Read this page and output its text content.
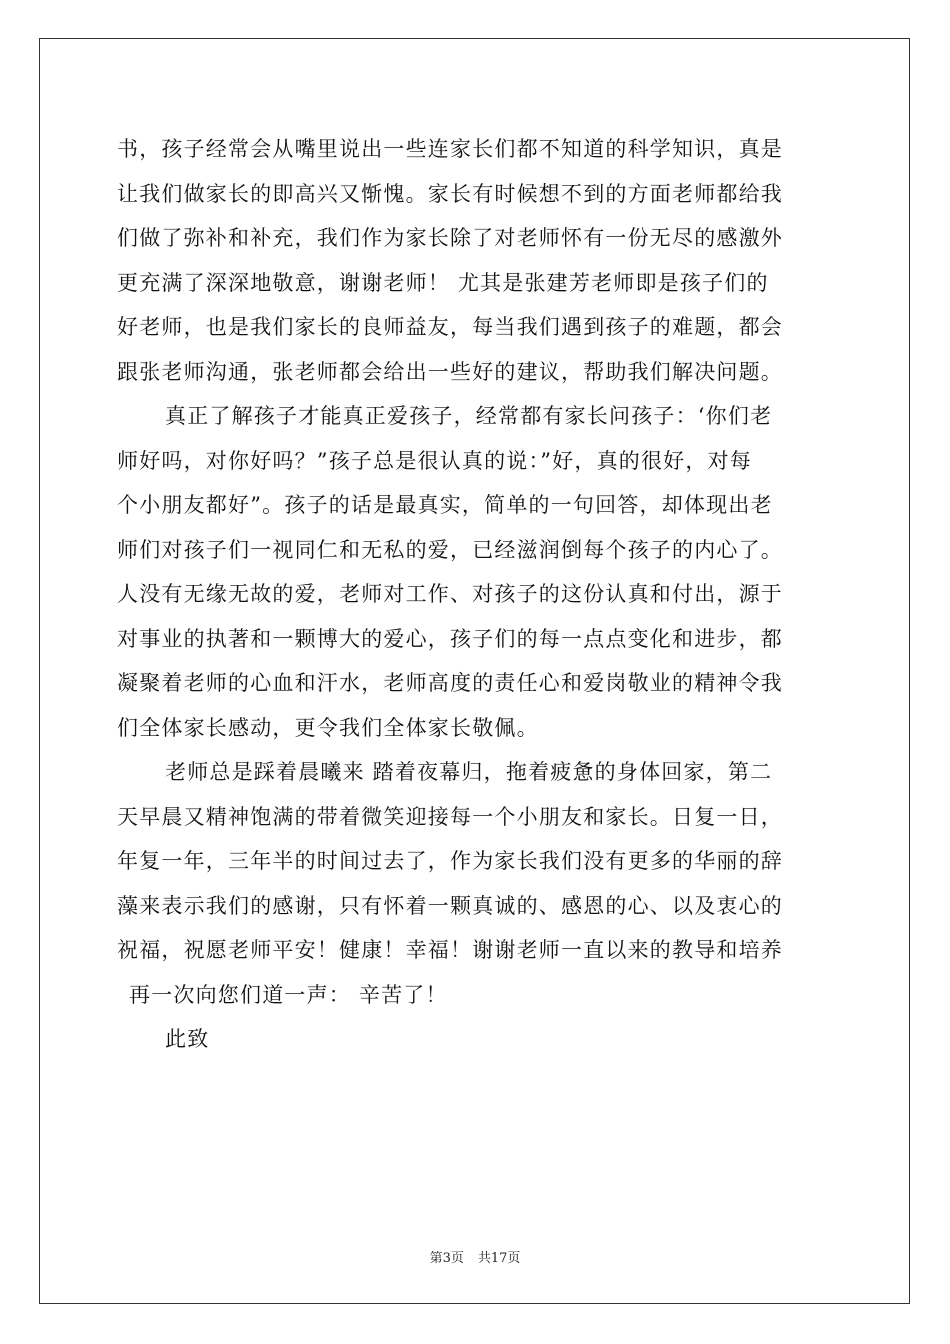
书，孩子经常会从嘴里说出一些连家长们都不知道的科学知识，真是
让我们做家长的即高兴又惭愧。家长有时候想不到的方面老师都给我
们做了弥补和补充，我们作为家长除了对老师怀有一份无尽的感激外
更充满了深深地敬意，谢谢老师！ 尤其是张建芳老师即是孩子们的
好老师，也是我们家长的良师益友，每当我们遇到孩子的难题，都会
跟张老师沟通，张老师都会给出一些好的建议，帮助我们解决问题。
真正了解孩子才能真正爱孩子，经常都有家长问孩子：‘你们老
师好吗，对你好吗？”孩子总是很认真的说：”好，真的很好，对每
个小朋友都好”。孩子的话是最真实，简单的一句回答，却体现出老
师们对孩子们一视同仁和无私的爱，已经滋润倒每个孩子的内心了。
人没有无缘无故的爱，老师对工作、对孩子的这份认真和付出，源于
对事业的执著和一颗博大的爱心，孩子们的每一点点变化和进步，都
凝聚着老师的心血和汗水，老师高度的责任心和爱岗敬业的精神令我
们全体家长感动，更令我们全体家长敬佩。
老师总是踩着晨曦来 踏着夜幕归，拖着疲惫的身体回家，第二
天早晨又精神饱满的带着微笑迎接每一个小朋友和家长。日复一日，
年复一年，三年半的时间过去了，作为家长我们没有更多的华丽的辞
藻来表示我们的感谢，只有怀着一颗真诚的、感恩的心、以及衷心的
祝福，祝愿老师平安！健康！幸福！谢谢老师一直以来的教导和培养
再一次向您们道一声： 辛苦了！
此致
第3页 共17页
